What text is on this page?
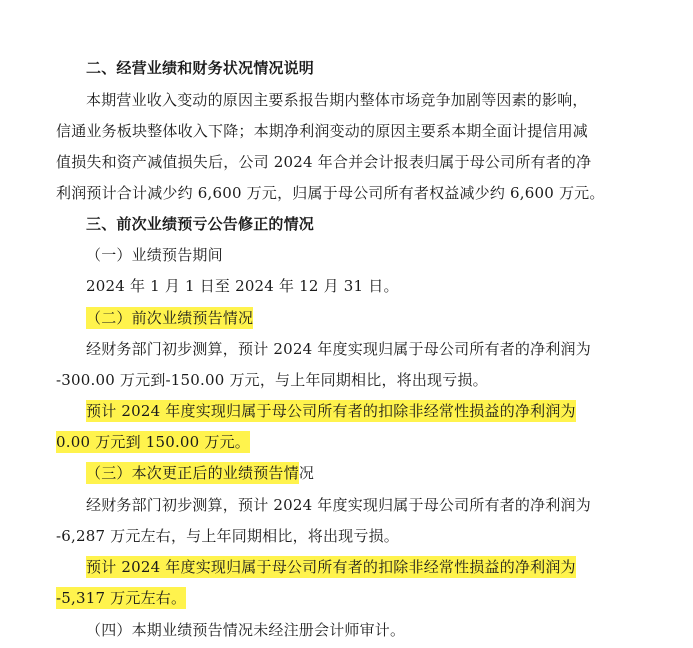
二、经营业绩和财务状况情况说明
本期营业收入变动的原因主要系报告期内整体市场竞争加剧等因素的影响，
信通业务板块整体收入下降；本期净利润变动的原因主要系本期全面计提信用减
值损失和资产减值损失后，公司 2024 年合并会计报表归属于母公司所有者的净
利润预计合计减少约 6,600 万元，归属于母公司所有者权益减少约 6,600 万元。
三、前次业绩预亏公告修正的情况
（一）业绩预告期间
2024 年 1 月 1 日至 2024 年 12 月 31 日。
（二）前次业绩预告情况
经财务部门初步测算，预计 2024 年度实现归属于母公司所有者的净利润为
-300.00 万元到-150.00 万元，与上年同期相比，将出现亏损。
预计 2024 年度实现归属于母公司所有者的扣除非经常性损益的净利润为
0.00 万元到 150.00 万元。
（三）本次更正后的业绩预告情况
经财务部门初步测算，预计 2024 年度实现归属于母公司所有者的净利润为
-6,287 万元左右，与上年同期相比，将出现亏损。
预计 2024 年度实现归属于母公司所有者的扣除非经常性损益的净利润为
-5,317 万元左右。
（四）本期业绩预告情况未经注册会计师审计。
